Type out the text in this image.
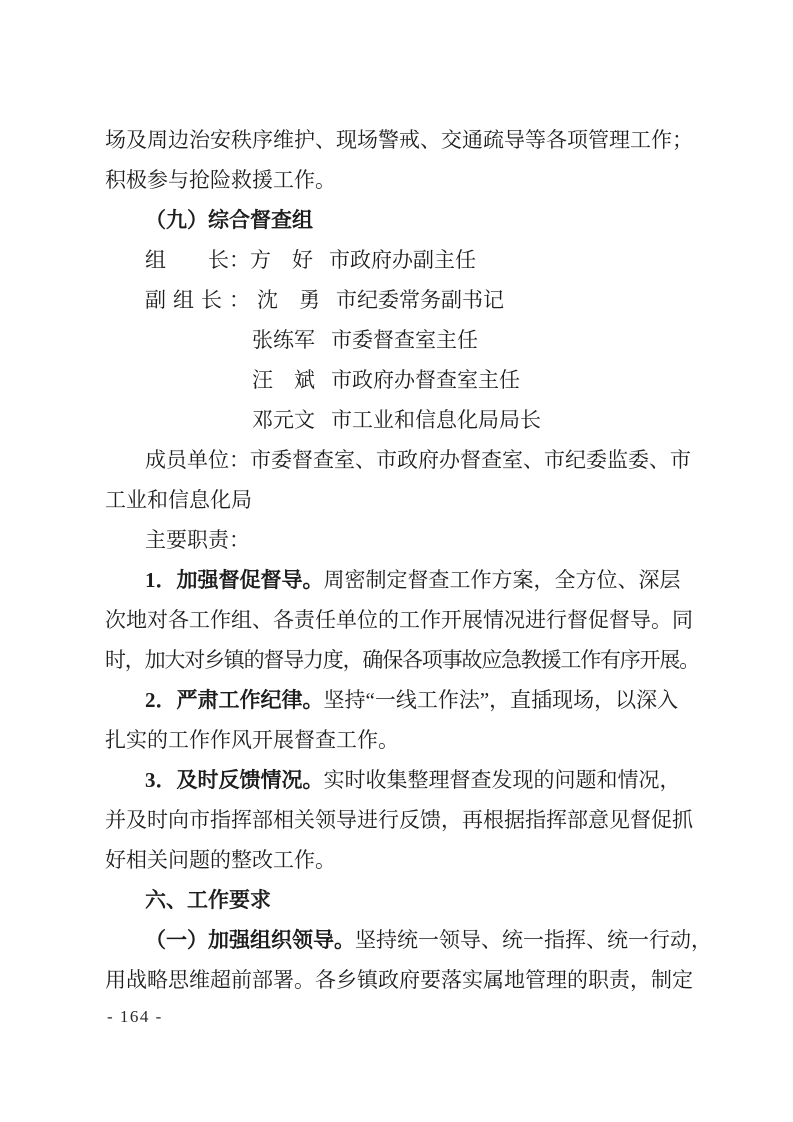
场及周边治安秩序维护、现场警戒、交通疏导等各项管理工作；
积极参与抢险救援工作。
（九）综合督查组
组　　长：方　好 市政府办副主任
副组长：沈　勇 市纪委常务副书记
张练军 市委督查室主任
汪　斌 市政府办督查室主任
邓元文 市工业和信息化局局长
成员单位：市委督查室、市政府办督查室、市纪委监委、市
工业和信息化局
主要职责：
1．加强督促督导。周密制定督查工作方案，全方位、深层
次地对各工作组、各责任单位的工作开展情况进行督促督导。同
时，加大对乡镇的督导力度，确保各项事故应急教援工作有序开展。
2．严肃工作纪律。坚持“一线工作法”，直插现场，以深入
扎实的工作作风开展督查工作。
3．及时反馈情况。实时收集整理督查发现的问题和情况，
并及时向市指挥部相关领导进行反馈，再根据指挥部意见督促抓
好相关问题的整改工作。
六、工作要求
（一）加强组织领导。坚持统一领导、统一指挥、统一行动，
用战略思维超前部署。各乡镇政府要落实属地管理的职责，制定
- 164 -
